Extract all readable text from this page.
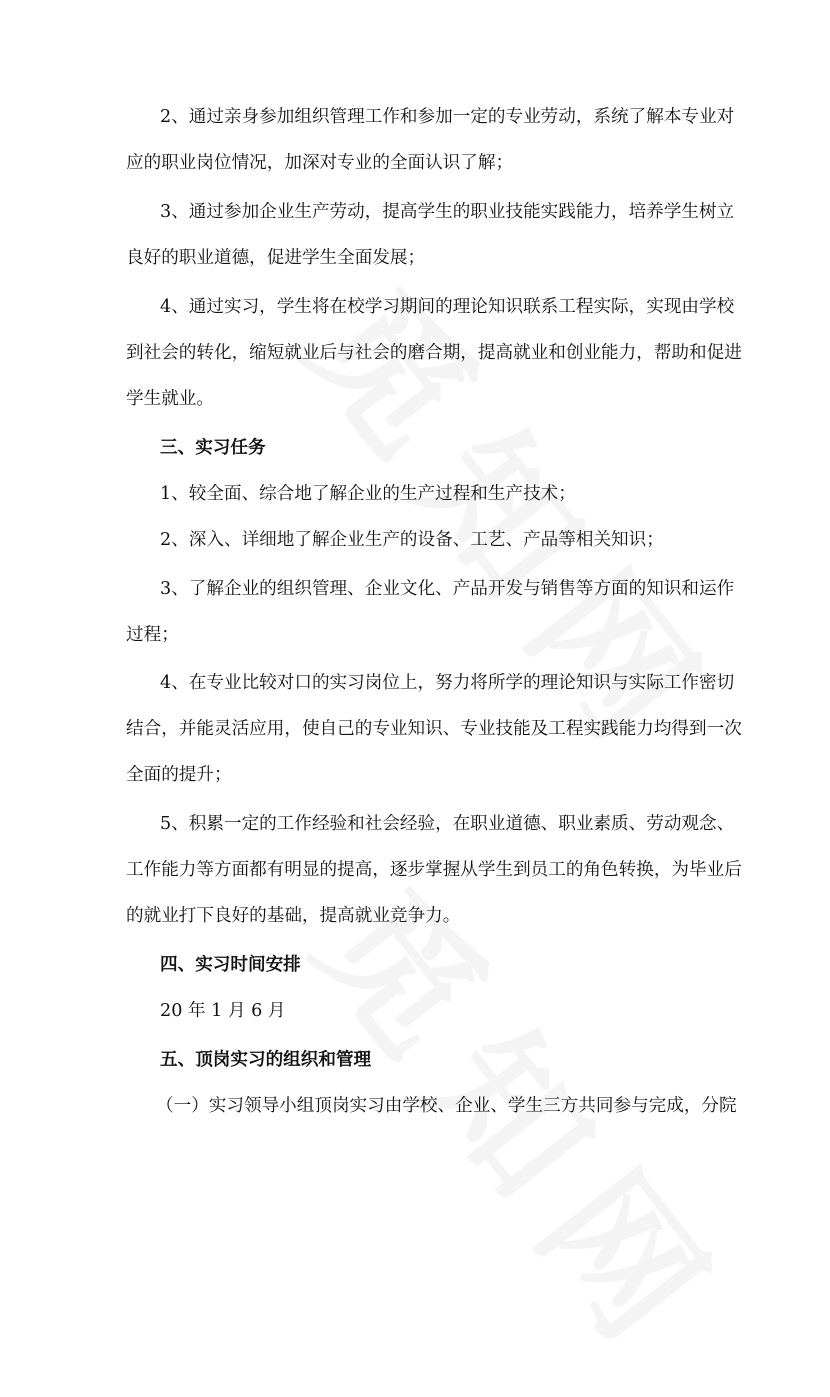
2、通过亲身参加组织管理工作和参加一定的专业劳动，系统了解本专业对
应的职业岗位情况，加深对专业的全面认识了解；
3、通过参加企业生产劳动，提高学生的职业技能实践能力，培养学生树立
良好的职业道德，促进学生全面发展；
4、通过实习，学生将在校学习期间的理论知识联系工程实际，实现由学校
到社会的转化，缩短就业后与社会的磨合期，提高就业和创业能力，帮助和促进
学生就业。
三、实习任务
1、较全面、综合地了解企业的生产过程和生产技术；
2、深入、详细地了解企业生产的设备、工艺、产品等相关知识；
3、了解企业的组织管理、企业文化、产品开发与销售等方面的知识和运作
过程；
4、在专业比较对口的实习岗位上，努力将所学的理论知识与实际工作密切
结合，并能灵活应用，使自己的专业知识、专业技能及工程实践能力均得到一次
全面的提升；
5、积累一定的工作经验和社会经验，在职业道德、职业素质、劳动观念、
工作能力等方面都有明显的提高，逐步掌握从学生到员工的角色转换，为毕业后
的就业打下良好的基础，提高就业竞争力。
四、实习时间安排
20 年 1 月 6 月
五、顶岗实习的组织和管理
（一）实习领导小组顶岗实习由学校、企业、学生三方共同参与完成，分院
